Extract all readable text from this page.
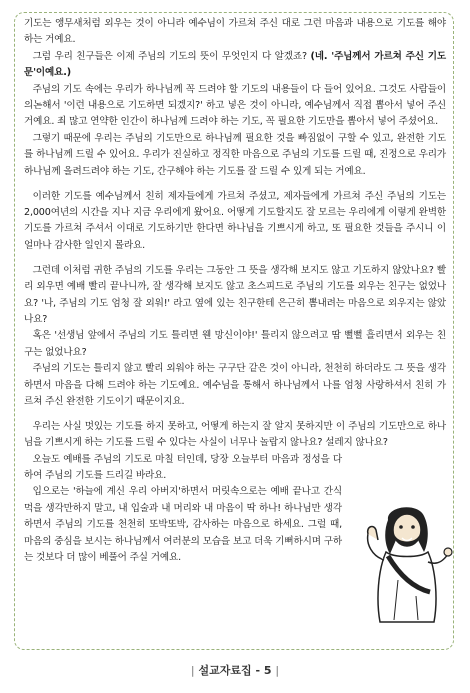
기도는 앵무새처럼 외우는 것이 아니라 예수님이 가르쳐 주신 대로 그런 마음과 내용으로 기도를 해야 하는 거예요.

그럼 우리 친구들은 이제 주님의 기도의 뜻이 무엇인지 다 알겠죠? (네. '주님께서 가르쳐 주신 기도문'이예요.)

주님의 기도 속에는 우리가 하나님께 꼭 드려야 할 기도의 내용들이 다 들어 있어요. 그것도 사람들이 의논해서 '이런 내용으로 기도하면 되겠지?' 하고 넣은 것이 아니라, 예수님께서 직접 뽑아서 넣어 주신 거예요. 죄 많고 연약한 인간이 하나님께 드려야 하는 기도, 꼭 필요한 기도만을 뽑아서 넣어 주셨어요.

그렇기 때문에 우리는 주님의 기도만으로 하나님께 필요한 것을 빠짐없이 구할 수 있고, 완전한 기도를 하나님께 드릴 수 있어요. 우리가 진실하고 정직한 마음으로 주님의 기도를 드릴 때, 진정으로 우리가 하나님께 올려드려야 하는 기도, 간구해야 하는 기도를 잘 드릴 수 있게 되는 거예요.

이러한 기도를 예수님께서 친히 제자들에게 가르쳐 주셨고, 제자들에게 가르쳐 주신 주님의 기도는 2,000여년의 시간을 지나 지금 우리에게 왔어요. 어떻게 기도할지도 잘 모르는 우리에게 이렇게 완벽한 기도를 가르쳐 주셔서 이대로 기도하기만 한다면 하나님을 기쁘시게 하고, 또 필요한 것들을 주시니 이 얼마나 감사한 일인지 몰라요.

그런데 이처럼 귀한 주님의 기도를 우리는 그동안 그 뜻을 생각해 보지도 않고 기도하지 않았나요? 빨리 외우면 예배 빨리 끝나니까, 잘 생각해 보지도 않고 초스피드로 주님의 기도를 외우는 친구는 없었나요? '나, 주님의 기도 엄청 잘 외워!' 라고 옆에 있는 친구한테 은근히 뽐내려는 마음으로 외우지는 않았나요?

혹은 '선생님 앞에서 주님의 기도 틀리면 웬 망신이야!' 틀리지 않으려고 땀 뻘뻘 흘리면서 외우는 친구는 없었나요?

주님의 기도는 틀리지 않고 빨리 외워야 하는 구구단 같은 것이 아니라, 천천히 하더라도 그 뜻을 생각하면서 마음을 다해 드려야 하는 기도예요. 예수님을 통해서 하나님께서 나를 엄청 사랑하셔서 친히 가르쳐 주신 완전한 기도이기 때문이지요.

우리는 사실 멋있는 기도를 하지 못하고, 어떻게 하는지 잘 알지 못하지만 이 주님의 기도만으로 하나님을 기쁘시게 하는 기도를 드릴 수 있다는 사실이 너무나 놀랍지 않나요? 설레지 않나요?

오늘도 예배를 주님의 기도로 마칠 터인데, 당장 오늘부터 마음과 정성을 다하여 주님의 기도를 드리길 바라요.

입으로는 '하늘에 계신 우리 아버지'하면서 머릿속으로는 예배 끝나고 간식 먹을 생각만하지 말고, 내 입술과 내 머리와 내 마음이 딱 하나! 하나님만 생각하면서 주님의 기도를 천천히 또박또박, 감사하는 마음으로 하세요. 그럴 때, 마음의 중심을 보시는 하나님께서 여러분의 모습을 보고 더욱 기뻐하시며 구하는 것보다 더 많이 베풀어 주실 거예요.

| 설교자료집 - 5 |
